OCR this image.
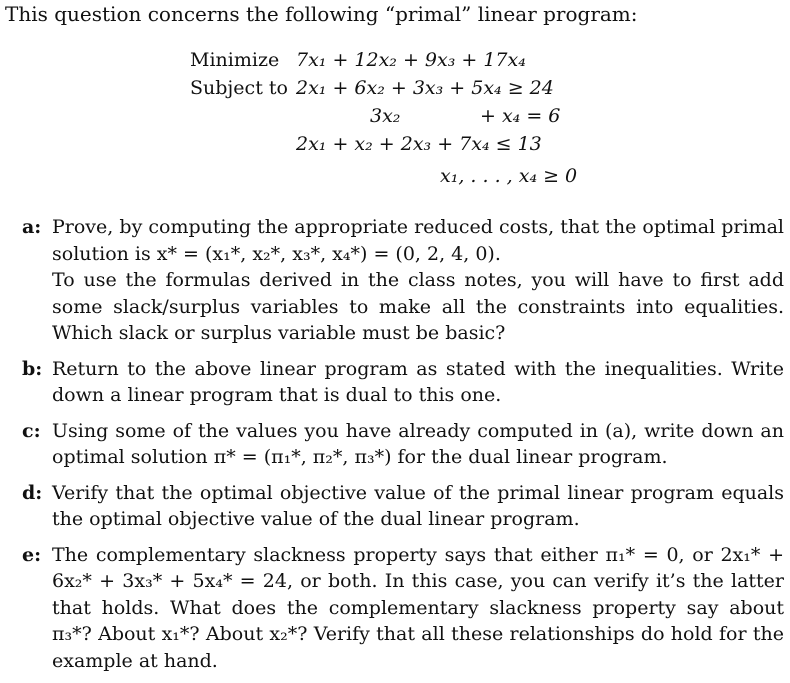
This question concerns the following “primal” linear program:
Minimize 7x₁ + 12x₂ + 9x₃ + 17x₄
Subject to 2x₁ + 6x₂ + 3x₃ + 5x₄ ≥ 24
3x₂	+ x₄ = 6
2x₁ + x₂ + 2x₃ + 7x₄ ≤ 13
x₁, . . . , x₄ ≥ 0
a: Prove, by computing the appropriate reduced costs, that the optimal primal solution is x* = (x₁*, x₂*, x₃*, x₄*) = (0, 2, 4, 0).

To use the formulas derived in the class notes, you will have to first add some slack/surplus variables to make all the constraints into equalities. Which slack or surplus variable must be basic?

b: Return to the above linear program as stated with the inequalities. Write down a linear program that is dual to this one.

c: Using some of the values you have already computed in (a), write down an optimal solution π* = (π₁*, π₂*, π₃*) for the dual linear program.

d: Verify that the optimal objective value of the primal linear program equals the optimal objective value of the dual linear program.

e: The complementary slackness property says that either π₁* = 0, or 2x₁* + 6x₂* + 3x₃* + 5x₄* = 24, or both. In this case, you can verify it’s the latter that holds. What does the complementary slackness property say about π₃*? About x₁*? About x₂*? Verify that all these relationships do hold for the example at hand.
